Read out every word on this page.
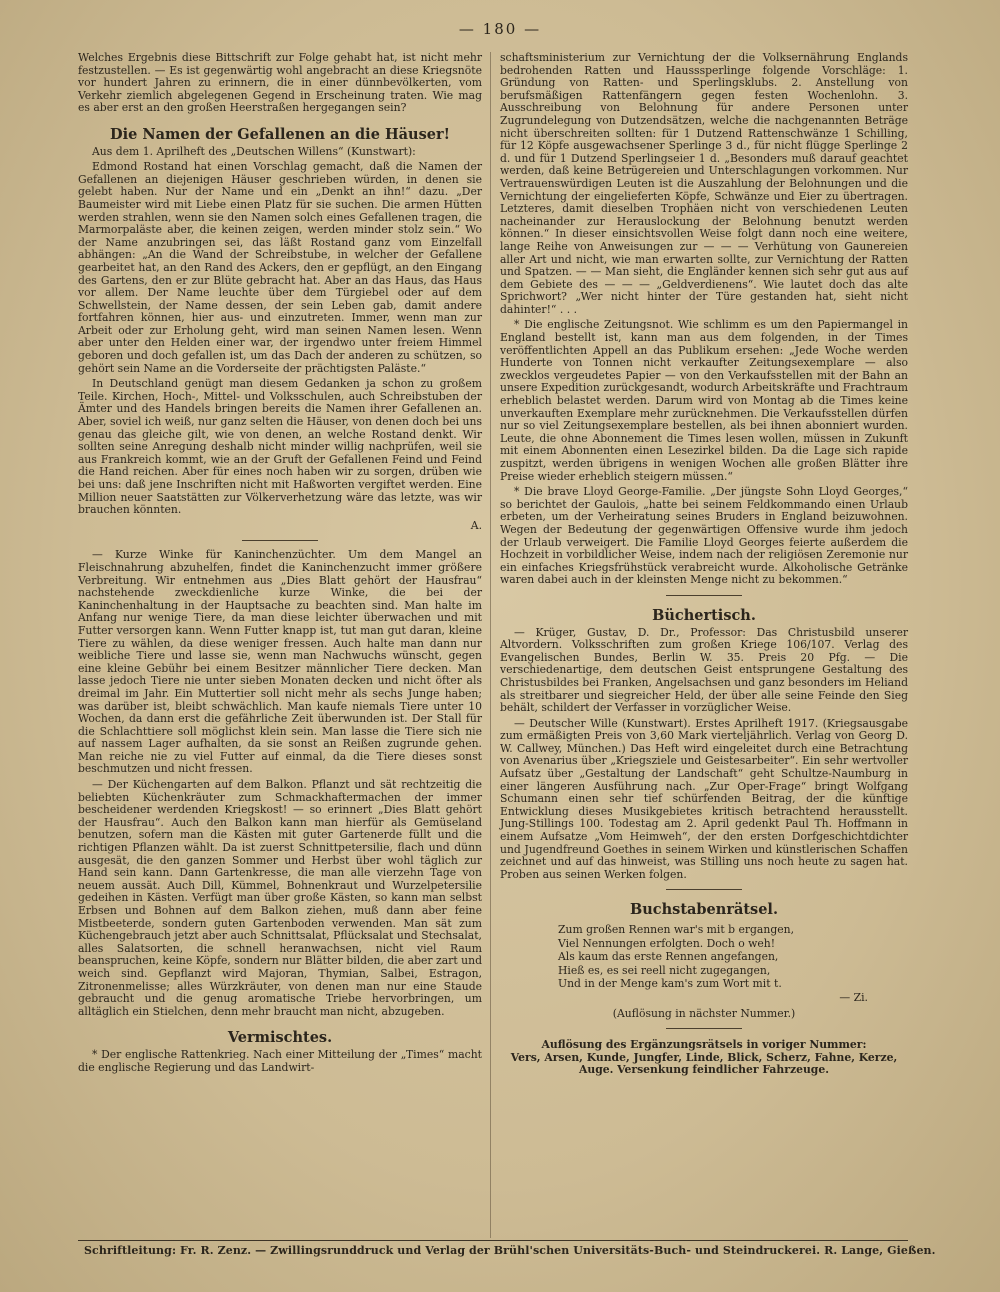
— 180 —

Welches Ergebnis diese Bittschrift zur Folge gehabt hat, ist nicht mehr festzustellen. — Es ist gegenwärtig wohl angebracht an diese Kriegsnöte vor hundert Jahren zu erinnern, die in einer dünnbevölkerten, vom Verkehr ziemlich abgelegenen Gegend in Erscheinung traten. Wie mag es aber erst an den großen Heerstraßen hergegangen sein?

Die Namen der Gefallenen an die Häuser!
Aus dem 1. Aprilheft des „Deutschen Willens“ (Kunstwart):

Edmond Rostand hat einen Vorschlag gemacht, daß die Namen der Gefallenen an diejenigen Häuser geschrieben würden, in denen sie gelebt haben. Nur der Name und ein „Denkt an ihn!“ dazu. „Der Baumeister wird mit Liebe einen Platz für sie suchen. Die armen Hütten werden strahlen, wenn sie den Namen solch eines Gefallenen tragen, die Marmorpaläste aber, die keinen zeigen, werden minder stolz sein.“ Wo der Name anzubringen sei, das läßt Rostand ganz vom Einzelfall abhängen: „An die Wand der Schreibstube, in welcher der Gefallene gearbeitet hat, an den Rand des Ackers, den er gepflügt, an den Eingang des Gartens, den er zur Blüte gebracht hat. Aber an das Haus, das Haus vor allem. Der Name leuchte über dem Türgiebel oder auf dem Schwellstein, der Name dessen, der sein Leben gab, damit andere fortfahren können, hier aus- und einzutreten. Immer, wenn man zur Arbeit oder zur Erholung geht, wird man seinen Namen lesen. Wenn aber unter den Helden einer war, der irgendwo unter freiem Himmel geboren und doch gefallen ist, um das Dach der anderen zu schützen, so gehört sein Name an die Vorderseite der prächtigsten Paläste.“

In Deutschland genügt man diesem Gedanken ja schon zu großem Teile. Kirchen, Hoch-, Mittel- und Volksschulen, auch Schreibstuben der Ämter und des Handels bringen bereits die Namen ihrer Gefallenen an. Aber, soviel ich weiß, nur ganz selten die Häuser, von denen doch bei uns genau das gleiche gilt, wie von denen, an welche Rostand denkt. Wir sollten seine Anregung deshalb nicht minder willig nachprüfen, weil sie aus Frankreich kommt, wie an der Gruft der Gefallenen Feind und Feind die Hand reichen. Aber für eines noch haben wir zu sorgen, drüben wie bei uns: daß jene Inschriften nicht mit Haßworten vergiftet werden. Eine Million neuer Saatstätten zur Völkerverhetzung wäre das letzte, was wir brauchen könnten.

A.

— Kurze Winke für Kaninchenzüchter. Um dem Mangel an Fleischnahrung abzuhelfen, findet die Kaninchenzucht immer größere Verbreitung. Wir entnehmen aus „Dies Blatt gehört der Hausfrau“ nachstehende zweckdienliche kurze Winke, die bei der Kaninchenhaltung in der Hauptsache zu beachten sind. Man halte im Anfang nur wenige Tiere, da man diese leichter überwachen und mit Futter versorgen kann. Wenn Futter knapp ist, tut man gut daran, kleine Tiere zu wählen, da diese weniger fressen. Auch halte man dann nur weibliche Tiere und lasse sie, wenn man Nachwuchs wünscht, gegen eine kleine Gebühr bei einem Besitzer männlicher Tiere decken. Man lasse jedoch Tiere nie unter sieben Monaten decken und nicht öfter als dreimal im Jahr. Ein Muttertier soll nicht mehr als sechs Junge haben; was darüber ist, bleibt schwächlich. Man kaufe niemals Tiere unter 10 Wochen, da dann erst die gefährliche Zeit überwunden ist. Der Stall für die Schlachttiere soll möglichst klein sein. Man lasse die Tiere sich nie auf nassem Lager aufhalten, da sie sonst an Reißen zugrunde gehen. Man reiche nie zu viel Futter auf einmal, da die Tiere dieses sonst beschmutzen und nicht fressen.

— Der Küchengarten auf dem Balkon. Pflanzt und sät rechtzeitig die beliebten Küchenkräuter zum Schmackhaftermachen der immer bescheidener werdenden Kriegskost! — so erinnert „Dies Blatt gehört der Hausfrau“. Auch den Balkon kann man hierfür als Gemüseland benutzen, sofern man die Kästen mit guter Gartenerde füllt und die richtigen Pflanzen wählt. Da ist zuerst Schnittpetersilie, flach und dünn ausgesät, die den ganzen Sommer und Herbst über wohl täglich zur Hand sein kann. Dann Gartenkresse, die man alle vierzehn Tage von neuem aussät. Auch Dill, Kümmel, Bohnenkraut und Wurzelpetersilie gedeihen in Kästen. Verfügt man über große Kästen, so kann man selbst Erbsen und Bohnen auf dem Balkon ziehen, muß dann aber feine Mistbeeterde, sondern guten Gartenboden verwenden. Man sät zum Küchengebrauch jetzt aber auch Schnittsalat, Pflücksalat und Stechsalat, alles Salatsorten, die schnell heranwachsen, nicht viel Raum beanspruchen, keine Köpfe, sondern nur Blätter bilden, die aber zart und weich sind. Gepflanzt wird Majoran, Thymian, Salbei, Estragon, Zitronenmelisse; alles Würzkräuter, von denen man nur eine Staude gebraucht und die genug aromatische Triebe hervorbringen, um alltäglich ein Stielchen, denn mehr braucht man nicht, abzugeben.

Vermischtes.

* Der englische Rattenkrieg. Nach einer Mitteilung der „Times“ macht die englische Regierung und das Landwirt-

schaftsministerium zur Vernichtung der die Volksernährung Englands bedrohenden Ratten und Hausssperlinge folgende Vorschläge: 1. Gründung von Ratten- und Sperlingsklubs. 2. Anstellung von berufsmäßigen Rattenfängern gegen festen Wochenlohn. 3. Ausschreibung von Belohnung für andere Personen unter Zugrundelegung von Dutzendsätzen, welche die nachgenannten Beträge nicht überschreiten sollten: für 1 Dutzend Rattenschwänze 1 Schilling, für 12 Köpfe ausgewachsener Sperlinge 3 d., für nicht flügge Sperlinge 2 d. und für 1 Dutzend Sperlingseier 1 d. „Besonders muß darauf geachtet werden, daß keine Betrügereien und Unterschlagungen vorkommen. Nur Vertrauenswürdigen Leuten ist die Auszahlung der Belohnungen und die Vernichtung der eingelieferten Köpfe, Schwänze und Eier zu übertragen. Letzteres, damit dieselben Trophäen nicht von verschiedenen Leuten nacheinander zur Herauslockung der Belohnung benutzt werden können.“ In dieser einsichtsvollen Weise folgt dann noch eine weitere, lange Reihe von Anweisungen zur — — — Verhütung von Gaunereien aller Art und nicht, wie man erwarten sollte, zur Vernichtung der Ratten und Spatzen. — — Man sieht, die Engländer kennen sich sehr gut aus auf dem Gebiete des — — — „Geldverdienens“. Wie lautet doch das alte Sprichwort? „Wer nicht hinter der Türe gestanden hat, sieht nicht dahinter!“ . . .

* Die englische Zeitungsnot. Wie schlimm es um den Papiermangel in England bestellt ist, kann man aus dem folgenden, in der Times veröffentlichten Appell an das Publikum ersehen: „Jede Woche werden Hunderte von Tonnen nicht verkaufter Zeitungsexemplare — also zwecklos vergeudetes Papier — von den Verkaufsstellen mit der Bahn an unsere Expedition zurückgesandt, wodurch Arbeitskräfte und Frachtraum erheblich belastet werden. Darum wird von Montag ab die Times keine unverkauften Exemplare mehr zurücknehmen. Die Verkaufsstellen dürfen nur so viel Zeitungsexemplare bestellen, als bei ihnen abonniert wurden. Leute, die ohne Abonnement die Times lesen wollen, müssen in Zukunft mit einem Abonnenten einen Lesezirkel bilden. Da die Lage sich rapide zuspitzt, werden übrigens in wenigen Wochen alle großen Blätter ihre Preise wieder erheblich steigern müssen.“

* Die brave Lloyd George-Familie. „Der jüngste Sohn Lloyd Georges,“ so berichtet der Gaulois, „hatte bei seinem Feldkommando einen Urlaub erbeten, um der Verheiratung seines Bruders in England beizuwohnen. Wegen der Bedeutung der gegenwärtigen Offensive wurde ihm jedoch der Urlaub verweigert. Die Familie Lloyd Georges feierte außerdem die Hochzeit in vorbildlicher Weise, indem nach der religiösen Zeremonie nur ein einfaches Kriegsfrühstück verabreicht wurde. Alkoholische Getränke waren dabei auch in der kleinsten Menge nicht zu bekommen.“

Büchertisch.

— Krüger, Gustav, D. Dr., Professor: Das Christusbild unserer Altvordern. Volksschriften zum großen Kriege 106/107. Verlag des Evangelischen Bundes, Berlin W. 35. Preis 20 Pfg. — Die verschiedenartige, dem deutschen Geist entsprungene Gestaltung des Christusbildes bei Franken, Angelsachsen und ganz besonders im Heliand als streitbarer und siegreicher Held, der über alle seine Feinde den Sieg behält, schildert der Verfasser in vorzüglicher Weise.

— Deutscher Wille (Kunstwart). Erstes Aprilheft 1917. (Kriegsausgabe zum ermäßigten Preis von 3,60 Mark vierteljährlich. Verlag von Georg D. W. Callwey, München.) Das Heft wird eingeleitet durch eine Betrachtung von Avenarius über „Kriegsziele und Geistesarbeiter“. Ein sehr wertvoller Aufsatz über „Gestaltung der Landschaft“ geht Schultze-Naumburg in einer längeren Ausführung nach. „Zur Oper-Frage“ bringt Wolfgang Schumann einen sehr tief schürfenden Beitrag, der die künftige Entwicklung dieses Musikgebietes kritisch betrachtend herausstellt. Jung-Stillings 100. Todestag am 2. April gedenkt Paul Th. Hoffmann in einem Aufsatze „Vom Heimweh“, der den ersten Dorfgeschichtdichter und Jugendfreund Goethes in seinem Wirken und künstlerischen Schaffen zeichnet und auf das hinweist, was Stilling uns noch heute zu sagen hat. Proben aus seinen Werken folgen.

Buchstabenrätsel.
Zum großen Rennen war's mit b ergangen,
Viel Nennungen erfolgten. Doch o weh!
Als kaum das erste Rennen angefangen,
Hieß es, es sei reell nicht zugegangen,
Und in der Menge kam's zum Wort mit t.
— Zi.
(Auflösung in nächster Nummer.)
Auflösung des Ergänzungsrätsels in voriger Nummer:
Vers, Arsen, Kunde, Jungfer, Linde, Blick, Scherz, Fahne, Kerze, Auge. Versenkung feindlicher Fahrzeuge.
Schriftleitung: Fr. R. Zenz. — Zwillingsrunddruck und Verlag der Brühl'schen Universitäts-Buch- und Steindruckerei. R. Lange, Gießen.
